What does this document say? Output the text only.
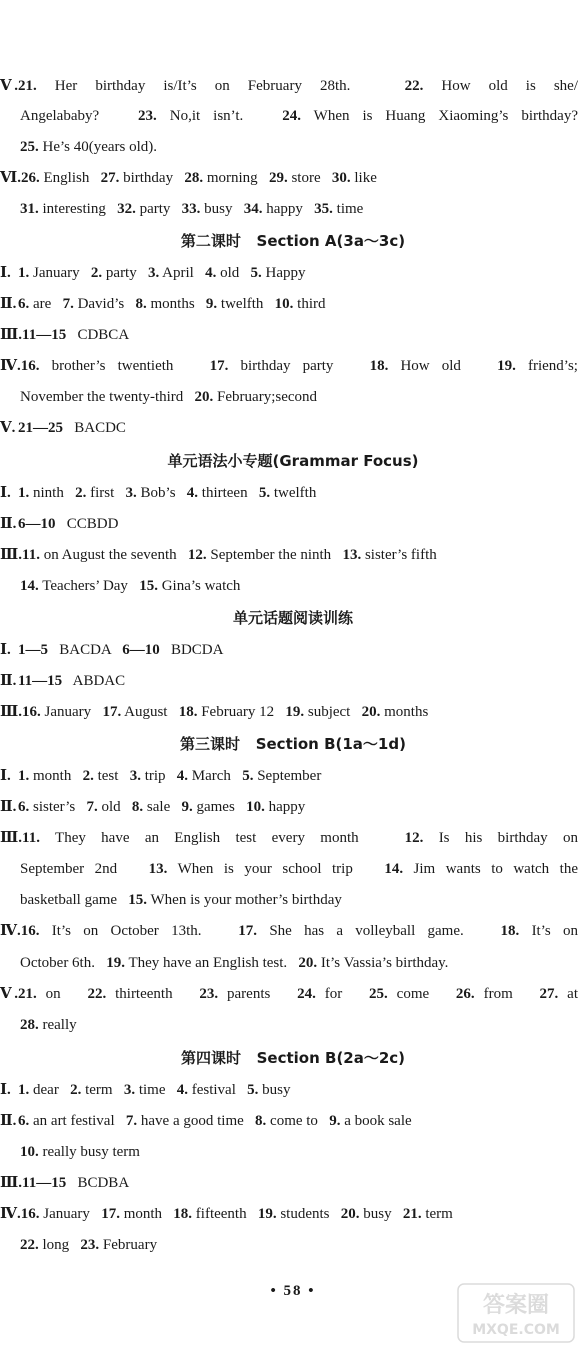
Ⅴ.21. Her birthday is/It’s on February 28th.   22. How old is she/
Angelababy?   23. No,it isn’t.   24. When is Huang Xiaoming’s birthday?
25. He’s 40(years old).
Ⅵ.26. English   27. birthday   28. morning   29. store   30. like
31. interesting   32. party   33. busy   34. happy   35. time
Ⅰ. 1. January   2. party   3. April   4. old   5. Happy
Ⅱ. 6. are   7. David’s   8. months   9. twelfth   10. third
Ⅲ.11—15   CDBCA
Ⅳ.16. brother’s twentieth   17. birthday party   18. How old   19. friend’s;
November the twenty-third   20. February;second
Ⅴ. 21—25   BACDC
Ⅰ. 1. ninth   2. first   3. Bob’s   4. thirteen   5. twelfth
Ⅱ. 6—10   CCBDD
Ⅲ.11. on August the seventh   12. September the ninth   13. sister’s fifth
14. Teachers’ Day   15. Gina’s watch
Ⅰ. 1—5   BACDA   6—10   BDCDA
Ⅱ. 11—15   ABDAC
Ⅲ.16. January   17. August   18. February 12   19. subject   20. months
Ⅰ. 1. month   2. test   3. trip   4. March   5. September
Ⅱ. 6. sister’s   7. old   8. sale   9. games   10. happy
Ⅲ.11. They have an English test every month   12. Is his birthday on
September 2nd   13. When is your school trip   14. Jim wants to watch the
basketball game   15. When is your mother’s birthday
Ⅳ.16. It’s on October 13th.   17. She has a volleyball game.   18. It’s on
October 6th.   19. They have an English test.   20. It’s Vassia’s birthday.
Ⅴ.21. on   22. thirteenth   23. parents   24. for   25. come   26. from   27. at
28. really
Ⅰ. 1. dear   2. term   3. time   4. festival   5. busy
Ⅱ. 6. an art festival   7. have a good time   8. come to   9. a book sale
10. really busy term
Ⅲ.11—15   BCDBA
Ⅳ.16. January   17. month   18. fifteenth   19. students   20. busy   21. term
22. long   23. February
第二课时   Section A(3a～3c)
单元语法小专题(Grammar Focus)
单元话题阅读训练
第三课时   Section B(1a～1d)
第四课时   Section B(2a～2c)
• 58 •
答案圈
MXQE.COM
